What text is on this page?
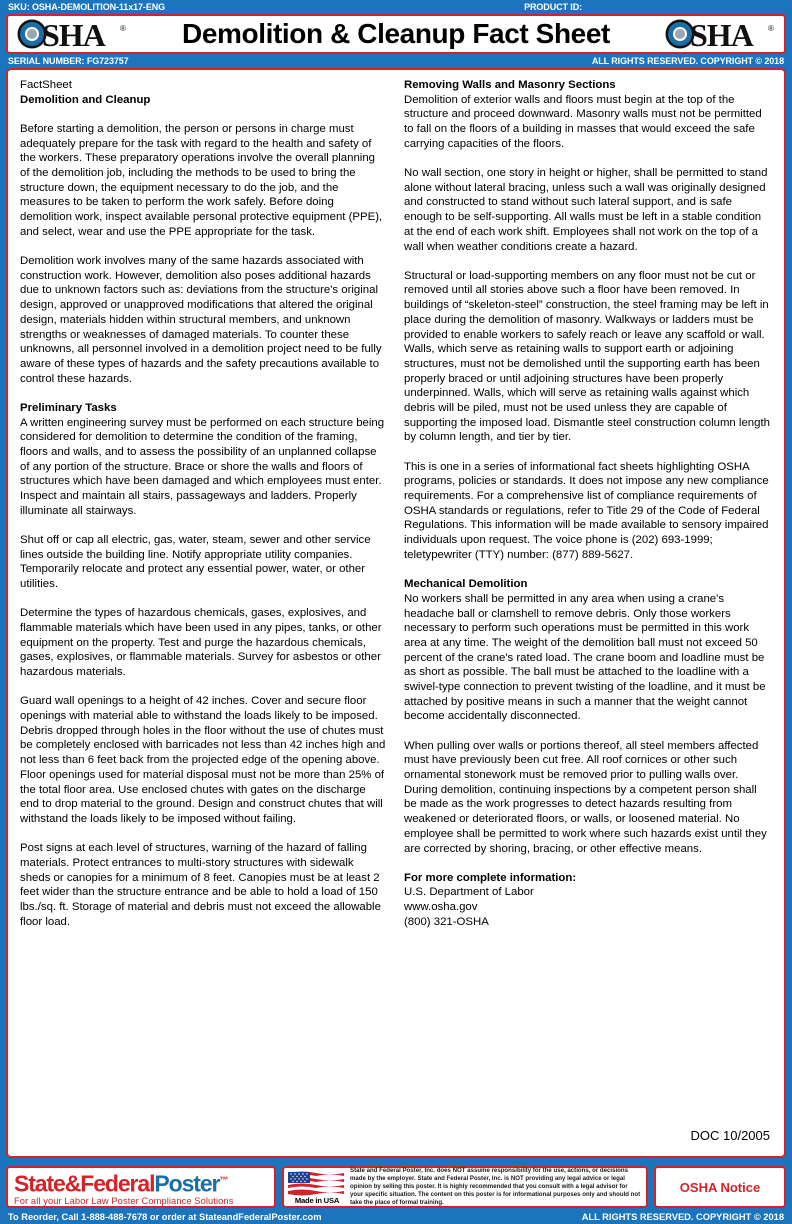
SKU: OSHA-DEMOLITION-11x17-ENG	PRODUCT ID:
SHA ®	Demolition & Cleanup Fact Sheet	SHA ®
SERIAL NUMBER: FG723757	ALL RIGHTS RESERVED. COPYRIGHT © 2018
FactSheet
Demolition and Cleanup

Before starting a demolition, the person or persons in charge must adequately prepare for the task with regard to the health and safety of the workers. These preparatory operations involve the overall planning of the demolition job, including the methods to be used to bring the structure down, the equipment necessary to do the job, and the measures to be taken to perform the work safely. Before doing demolition work, inspect available personal protective equipment (PPE), and select, wear and use the PPE appropriate for the task.

Demolition work involves many of the same hazards associated with construction work. However, demolition also poses additional hazards due to unknown factors such as: deviations from the structure's original design, approved or unapproved modifications that altered the original design, materials hidden within structural members, and unknown strengths or weaknesses of damaged materials. To counter these unknowns, all personnel involved in a demolition project need to be fully aware of these types of hazards and the safety precautions available to control these hazards.

Preliminary Tasks

A written engineering survey must be performed on each structure being considered for demolition to determine the condition of the framing, floors and walls, and to assess the possibility of an unplanned collapse of any portion of the structure. Brace or shore the walls and floors of structures which have been damaged and which employees must enter. Inspect and maintain all stairs, passageways and ladders. Properly illuminate all stairways.

Shut off or cap all electric, gas, water, steam, sewer and other service lines outside the building line. Notify appropriate utility companies. Temporarily relocate and protect any essential power, water, or other utilities.

Determine the types of hazardous chemicals, gases, explosives, and flammable materials which have been used in any pipes, tanks, or other equipment on the property. Test and purge the hazardous chemicals, gases, explosives, or flammable materials. Survey for asbestos or other hazardous materials.

Guard wall openings to a height of 42 inches. Cover and secure floor openings with material able to withstand the loads likely to be imposed. Debris dropped through holes in the floor without the use of chutes must be completely enclosed with barricades not less than 42 inches high and not less than 6 feet back from the projected edge of the opening above. Floor openings used for material disposal must not be more than 25% of the total floor area. Use enclosed chutes with gates on the discharge end to drop material to the ground. Design and construct chutes that will withstand the loads likely to be imposed without failing.

Post signs at each level of structures, warning of the hazard of falling materials. Protect entrances to multi-story structures with sidewalk sheds or canopies for a minimum of 8 feet. Canopies must be at least 2 feet wider than the structure entrance and be able to hold a load of 150 lbs./sq. ft. Storage of material and debris must not exceed the allowable floor load.

Removing Walls and Masonry Sections

Demolition of exterior walls and floors must begin at the top of the structure and proceed downward. Masonry walls must not be permitted to fall on the floors of a building in masses that would exceed the safe carrying capacities of the floors.

No wall section, one story in height or higher, shall be permitted to stand alone without lateral bracing, unless such a wall was originally designed and constructed to stand without such lateral support, and is safe enough to be self-supporting. All walls must be left in a stable condition at the end of each work shift. Employees shall not work on the top of a wall when weather conditions create a hazard.

Structural or load-supporting members on any floor must not be cut or removed until all stories above such a floor have been removed. In buildings of “skeleton-steel” construction, the steel framing may be left in place during the demolition of masonry. Walkways or ladders must be provided to enable workers to safely reach or leave any scaffold or wall. Walls, which serve as retaining walls to support earth or adjoining structures, must not be demolished until the supporting earth has been properly braced or until adjoining structures have been properly underpinned. Walls, which will serve as retaining walls against which debris will be piled, must not be used unless they are capable of supporting the imposed load. Dismantle steel construction column length by column length, and tier by tier.

This is one in a series of informational fact sheets highlighting OSHA programs, policies or standards. It does not impose any new compliance requirements. For a comprehensive list of compliance requirements of OSHA standards or regulations, refer to Title 29 of the Code of Federal Regulations. This information will be made available to sensory impaired individuals upon request. The voice phone is (202) 693-1999; teletypewriter (TTY) number: (877) 889-5627.

Mechanical Demolition

No workers shall be permitted in any area when using a crane's headache ball or clamshell to remove debris. Only those workers necessary to perform such operations must be permitted in this work area at any time. The weight of the demolition ball must not exceed 50 percent of the crane's rated load. The crane boom and loadline must be as short as possible. The ball must be attached to the loadline with a swivel-type connection to prevent twisting of the loadline, and it must be attached by positive means in such a manner that the weight cannot become accidentally disconnected.

When pulling over walls or portions thereof, all steel members affected must have previously been cut free. All roof cornices or other such ornamental stonework must be removed prior to pulling walls over. During demolition, continuing inspections by a competent person shall be made as the work progresses to detect hazards resulting from weakened or deteriorated floors, or walls, or loosened material. No employee shall be permitted to work where such hazards exist until they are corrected by shoring, bracing, or other effective means.

For more complete information:
U.S. Department of Labor
www.osha.gov
(800) 321-OSHA
DOC 10/2005
State&FederalPoster™
For all your Labor Law Poster Compliance Solutions	Made in USA
State and Federal Poster, Inc. does NOT assume responsibility for the use, actions, or decisions made by the employer. State and Federal Poster, Inc. is NOT providing any legal advice or legal opinion by selling this poster. It is highly recommended that you consult with a legal advisor for your specific situation. The content on this poster is for informational purposes only and should not take the place of formal training.
OSHA Notice
To Reorder, Call 1-888-488-7678 or order at StateandFederalPoster.com	ALL RIGHTS RESERVED. COPYRIGHT © 2018
